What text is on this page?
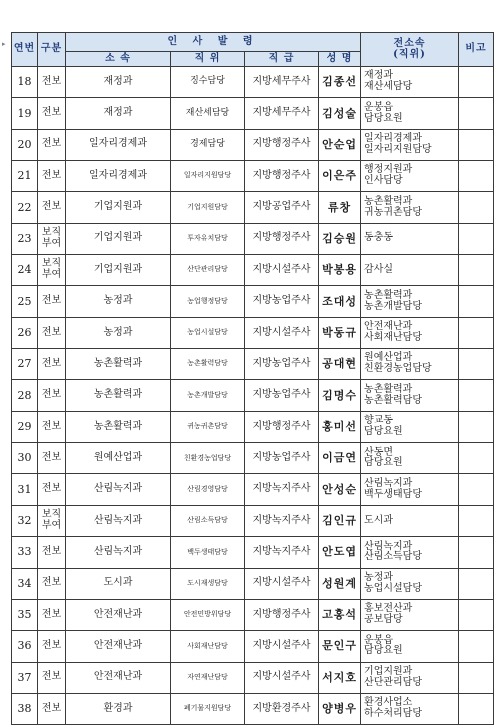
▸ 연번	구분	인 사 발 령				전소속
(직위)	비고
		소 속	직 위	직 급	성 명		
18	전보	재정과	징수담당	지방세무주사	김종선	재정과
재산세담당	

19	전보	재정과	재산세담당	지방세무주사	김성술	운봉읍
담당요원	

20	전보	일자리경제과	경제담당	지방행정주사	안순업	일자리경제과
일자리지원담당	

21	전보	일자리경제과	일자리지원담당	지방행정주사	이은주	행정지원과
인사담당	

22	전보	기업지원과	기업지원담당	지방공업주사	류창	농촌활력과
귀농귀촌담당	

23	보직
부여	기업지원과	투자유치담당	지방행정주사	김승원	동충동	

24	보직
부여	기업지원과	산단관리담당	지방시설주사	박봉용	감사실	

25	전보	농정과	농업행정담당	지방농업주사	조대성	농촌활력과
농촌개발담당	

26	전보	농정과	농업시설담당	지방시설주사	박동규	안전재난과
사회재난담당	

27	전보	농촌활력과	농촌활력담당	지방농업주사	공대현	원예산업과
친환경농업담당	

28	전보	농촌활력과	농촌개발담당	지방농업주사	김명수	농촌활력과
농촌활력담당	

29	전보	농촌활력과	귀농귀촌담당	지방행정주사	홍미선	향교동
담당요원	

30	전보	원예산업과	친환경농업담당	지방농업주사	이금연	산동면
담당요원	

31	전보	산림녹지과	산림경영담당	지방녹지주사	안성순	산림녹지과
백두생태담당	

32	보직
부여	산림녹지과	산림소득담당	지방녹지주사	김인규	도시과	

33	전보	산림녹지과	백두생태담당	지방녹지주사	안도엽	산림녹지과
산림소득담당	

34	전보	도시과	도시재생담당	지방시설주사	성원계	농정과
농업시설담당	

35	전보	안전재난과	안전민방위담당	지방행정주사	고홍석	홍보전산과
공보담당	

36	전보	안전재난과	사회재난담당	지방시설주사	문인구	운봉읍
담당요원	

37	전보	안전재난과	자연재난담당	지방시설주사	서지호	기업지원과
산단관리담당	

38	전보	환경과	폐기물지원담당	지방환경주사	양병우	환경사업소
하수처리담당	
